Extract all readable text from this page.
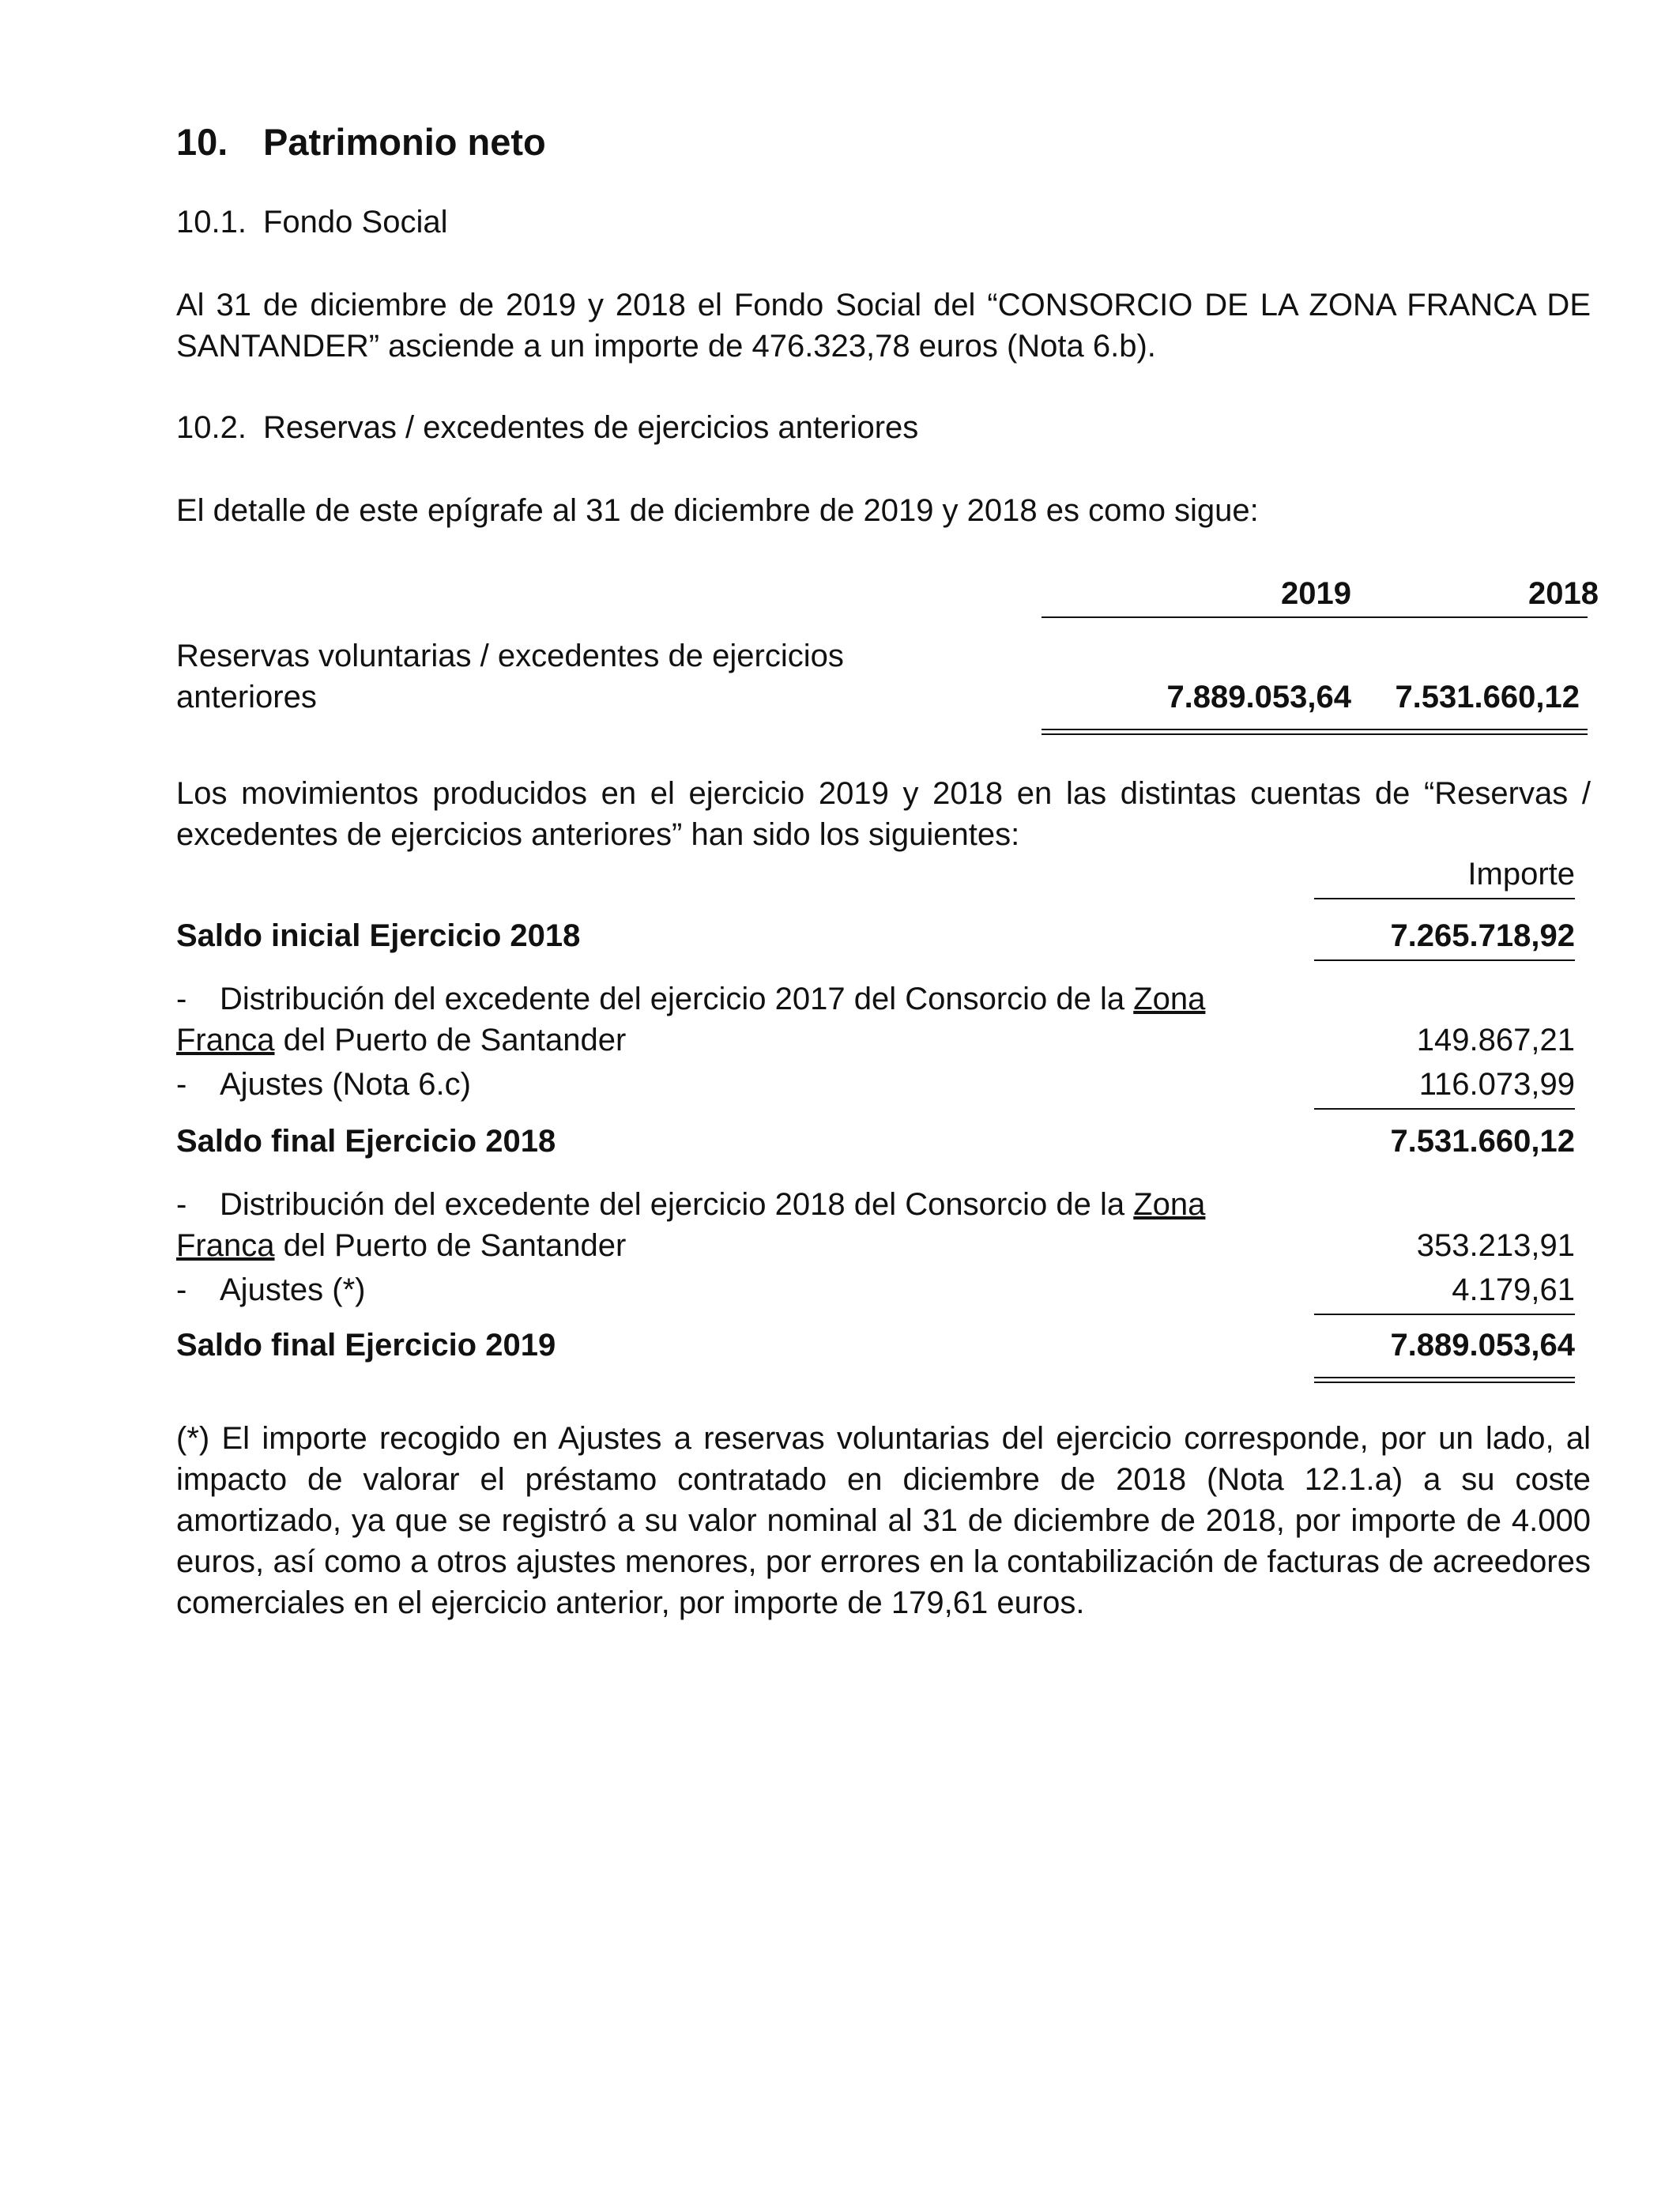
10. Patrimonio neto
10.1. Fondo Social
Al 31 de diciembre de 2019 y 2018 el Fondo Social del “CONSORCIO DE LA ZONA FRANCA DE SANTANDER” asciende a un importe de 476.323,78 euros (Nota 6.b).
10.2. Reservas / excedentes de ejercicios anteriores
El detalle de este epígrafe al 31 de diciembre de 2019 y 2018 es como sigue:
2019	2018
Reservas voluntarias / excedentes de ejercicios
anteriores	7.889.053,64	7.531.660,12
Los movimientos producidos en el ejercicio 2019 y 2018 en las distintas cuentas de “Reservas / excedentes de ejercicios anteriores” han sido los siguientes:
Importe
Saldo inicial Ejercicio 2018	7.265.718,92
- Distribución del excedente del ejercicio 2017 del Consorcio de la Zona
Franca del Puerto de Santander	149.867,21
- Ajustes (Nota 6.c)	116.073,99
Saldo final Ejercicio 2018	7.531.660,12
- Distribución del excedente del ejercicio 2018 del Consorcio de la Zona
Franca del Puerto de Santander	353.213,91
- Ajustes (*)	4.179,61
Saldo final Ejercicio 2019	7.889.053,64
(*) El importe recogido en Ajustes a reservas voluntarias del ejercicio corresponde, por un lado, al impacto de valorar el préstamo contratado en diciembre de 2018 (Nota 12.1.a) a su coste amortizado, ya que se registró a su valor nominal al 31 de diciembre de 2018, por importe de 4.000 euros, así como a otros ajustes menores, por errores en la contabilización de facturas de acreedores comerciales en el ejercicio anterior, por importe de 179,61 euros.
